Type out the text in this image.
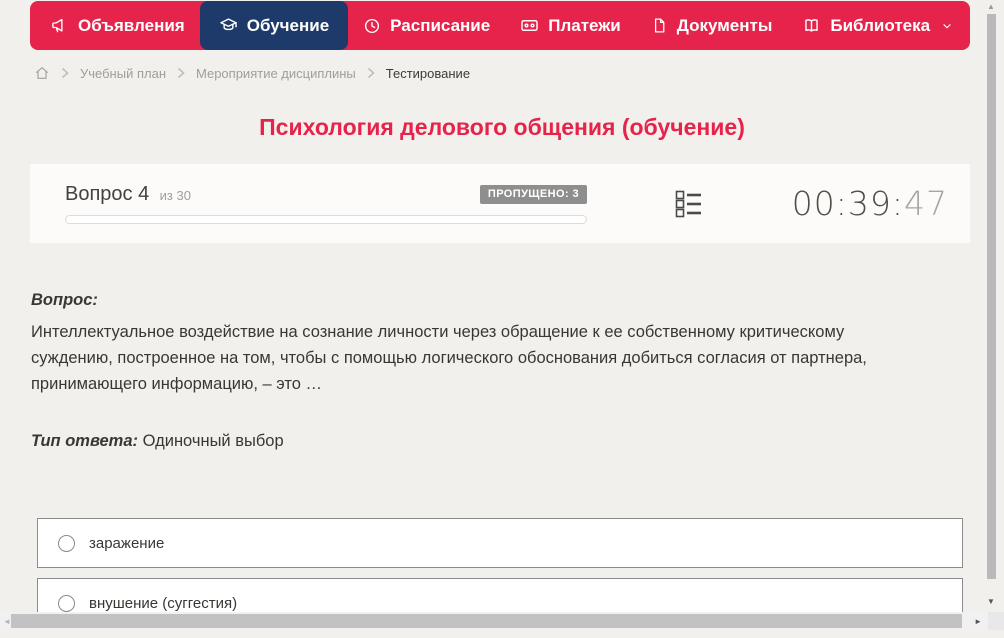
Объявления	Обучение	Расписание	Платежи	Документы	Библиотека
Учебный план Мероприятие дисциплины Тестирование
Психология делового общения (обучение)
Вопрос 4 из 30	ПРОПУЩЕНО: 3	00:39:47
Вопрос:
Интеллектуальное воздействие на сознание личности через обращение к ее собственному критическому суждению, построенное на том, чтобы с помощью логического обоснования добиться согласия от партнера, принимающего информацию, – это …
Тип ответа: Одиночный выбор
заражение
внушение (суггестия)
▲
▼
◄	►
